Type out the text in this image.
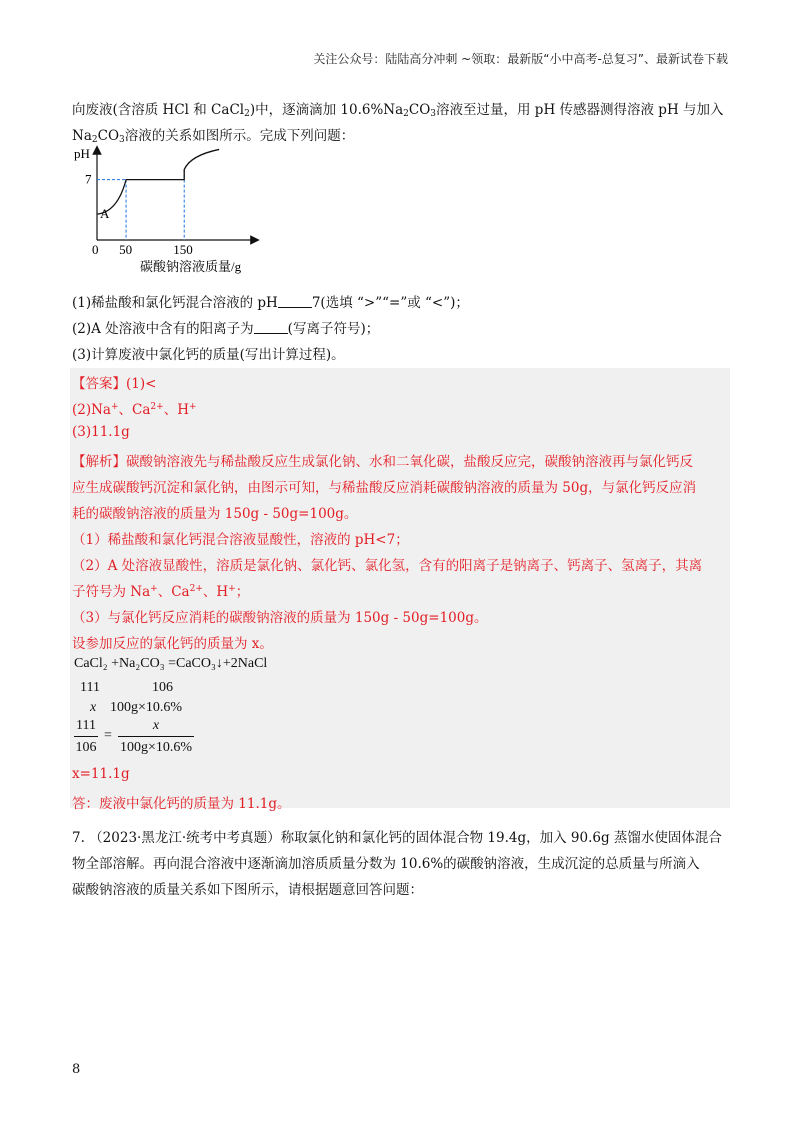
关注公众号：陆陆高分冲刺 ~领取：最新版“小中高考-总复习”、最新试卷下载
向废液(含溶质 HCl 和 CaCl$_2$)中，逐滴滴加 $10.6\%Na_2CO_3$溶液至过量，用 pH 传感器测得溶液 pH 与加入
$Na_2CO_3$溶液的关系如图所示。完成下列问题：
pH
7
0 50	150
A
碳酸钠溶液质量/g
(1)稀盐酸和氯化钙混合溶液的 pH	7(选填 “>”“=”或 “<”)；
(2)A 处溶液中含有的阳离子为	(写离子符号)；
(3)计算废液中氯化钙的质量(写出计算过程)。
【答案】(1)<
(2)Na+、$Ca^{2+}$、H+
(3)11.1g
【解析】碳酸钠溶液先与稀盐酸反应生成氯化钠、水和二氧化碳，盐酸反应完，碳酸钠溶液再与氯化钙反
应生成碳酸钙沉淀和氯化钠，由图示可知，与稀盐酸反应消耗碳酸钠溶液的质量为 50g，与氯化钙反应消
耗的碳酸钠溶液的质量为 150g - 50g=100g。
（1）稀盐酸和氯化钙混合溶液显酸性，溶液的 pH<7；
（2）A 处溶液显酸性，溶质是氯化钠、氯化钙、氯化氢，含有的阳离子是钠离子、钙离子、氢离子，其离
子符号为 Na+、$Ca^{2+}$、H+；
（3）与氯化钙反应消耗的碳酸钠溶液的质量为 150g - 50g=100g。
设参加反应的氯化钙的质量为 x。
CaCl₂ +Na₂CO₃ =CaCO₃↓+2NaCl
111	106
x 100g×10.6%
111
106
=
x
100g×10.6%
x=11.1g
答：废液中氯化钙的质量为 11.1g。
7. （2023·黑龙江·统考中考真题）称取氯化钠和氯化钙的固体混合物 19.4g，加入 90.6g 蒸馏水使固体混合
物全部溶解。再向混合溶液中逐渐滴加溶质质量分数为 10.6%的碳酸钠溶液，生成沉淀的总质量与所滴入
碳酸钠溶液的质量关系如下图所示，请根据题意回答问题：
8
